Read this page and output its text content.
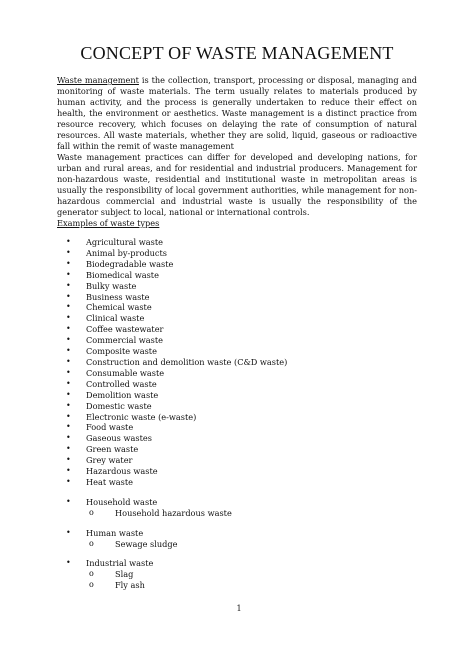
CONCEPT OF WASTE MANAGEMENT
Waste management is the collection, transport, processing or disposal, managing and monitoring of waste materials. The term usually relates to materials produced by human activity, and the process is generally undertaken to reduce their effect on health, the environment or aesthetics. Waste management is a distinct practice from resource recovery, which focuses on delaying the rate of consumption of natural resources. All waste materials, whether they are solid, liquid, gaseous or radioactive fall within the remit of waste management
Waste management practices can differ for developed and developing nations, for urban and rural areas, and for residential and industrial producers. Management for non-hazardous waste, residential and institutional waste in metropolitan areas is usually the responsibility of local government authorities, while management for non-hazardous commercial and industrial waste is usually the responsibility of the generator subject to local, national or international controls.
Examples of waste types
• Agricultural waste
• Animal by-products
• Biodegradable waste
• Biomedical waste
• Bulky waste
• Business waste
• Chemical waste
• Clinical waste
• Coffee wastewater
• Commercial waste
• Composite waste
• Construction and demolition waste (C&D waste)
• Consumable waste
• Controlled waste
• Demolition waste
• Domestic waste
• Electronic waste (e-waste)
• Food waste
• Gaseous wastes
• Green waste
• Grey water
• Hazardous waste
• Heat waste
• Household waste
o	Household hazardous waste
• Human waste
o	Sewage sludge
• Industrial waste
o	Slag
o	Fly ash
1
